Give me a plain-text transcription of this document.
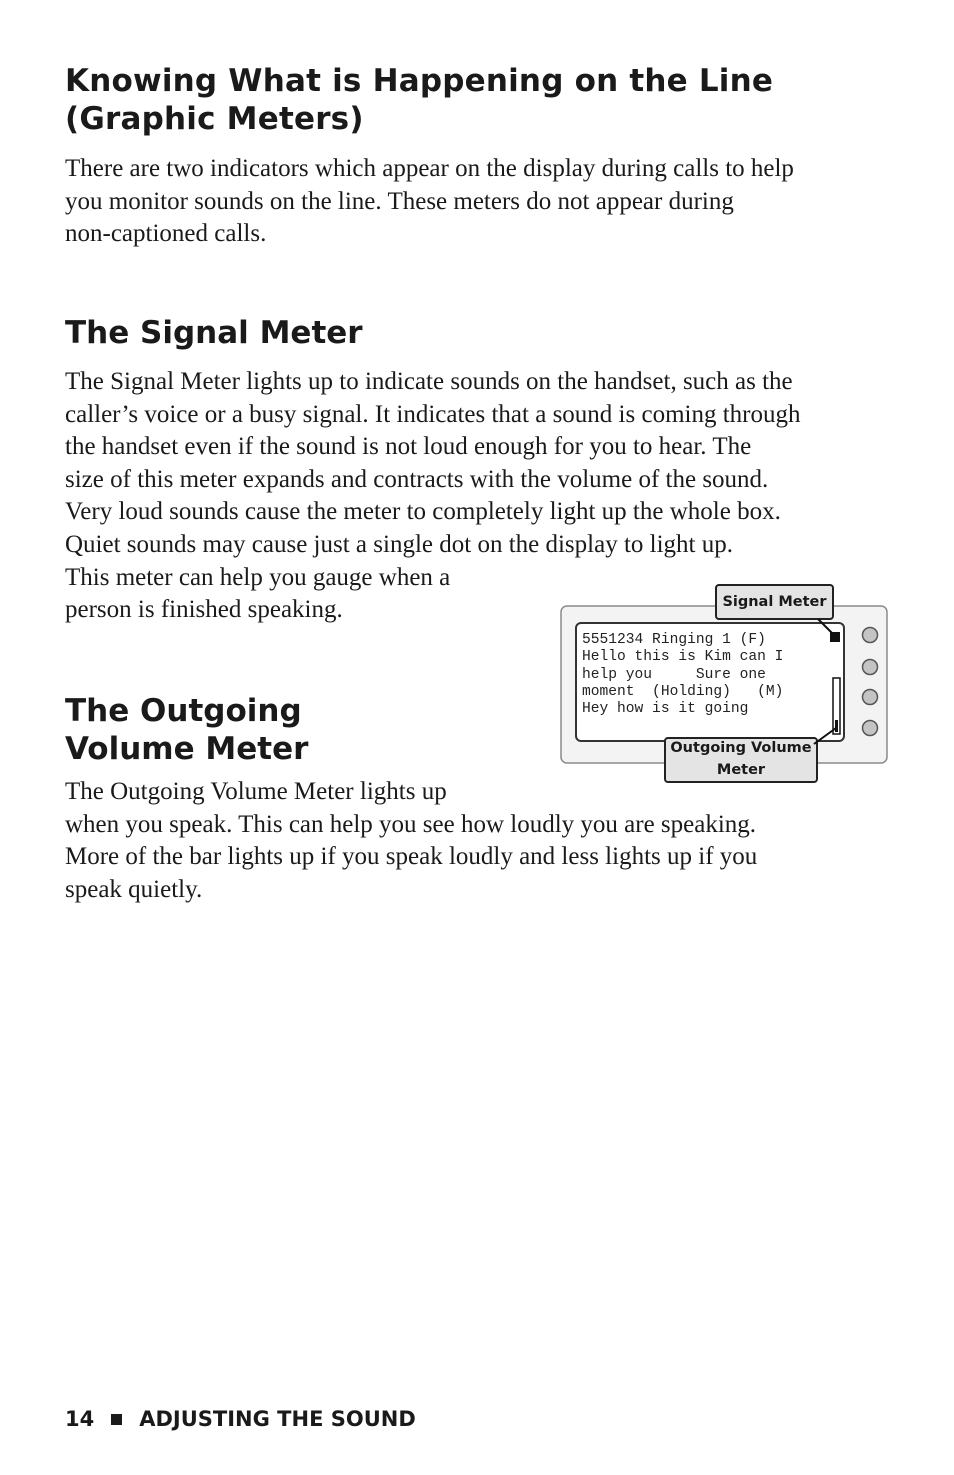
Knowing What is Happening on the Line
(Graphic Meters)

There are two indicators which appear on the display during calls to help
you monitor sounds on the line. These meters do not appear during
non-captioned calls.

The Signal Meter

The Signal Meter lights up to indicate sounds on the handset, such as the
caller’s voice or a busy signal. It indicates that a sound is coming through
the handset even if the sound is not loud enough for you to hear. The
size of this meter expands and contracts with the volume of the sound.
Very loud sounds cause the meter to completely light up the whole box.
Quiet sounds may cause just a single dot on the display to light up.
This meter can help you gauge when a
person is finished speaking.

The Outgoing
Volume Meter

The Outgoing Volume Meter lights up
when you speak. This can help you see how loudly you are speaking.
More of the bar lights up if you speak loudly and less lights up if you
speak quietly.

5551234 Ringing 1 (F)
Hello this is Kim can I
help you     Sure one
moment  (Holding)   (M)
Hey how is it going
Signal Meter
Outgoing Volume
Meter
14 ADJUSTING THE SOUND
